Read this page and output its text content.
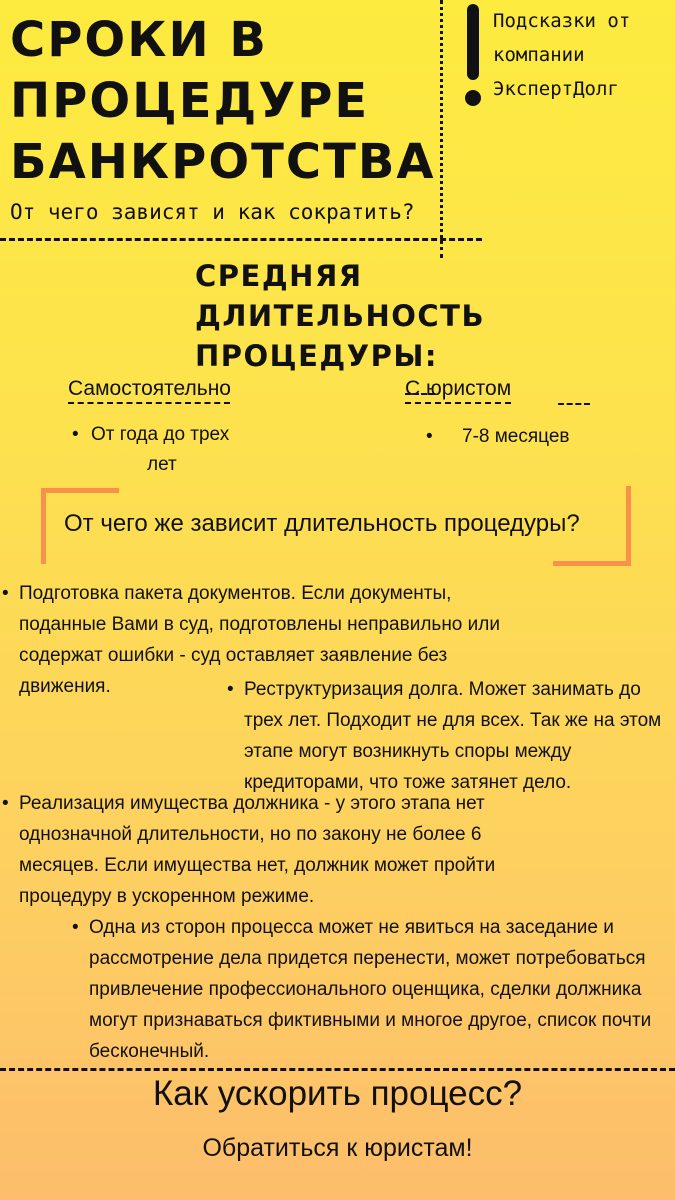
СРОКИ В
ПРОЦЕДУРЕ
БАНКРОТСТВА
От чего зависят и как сократить?
Подсказки от
компании
ЭкспертДолг
СРЕДНЯЯ
ДЛИТЕЛЬНОСТЬ
ПРОЦЕДУРЫ:
Самостоятельно	С юристом
• От года до трех
лет
• 7-8 месяцев
От чего же зависит длительность процедуры?
• Подготовка пакета документов. Если документы,
поданные Вами в суд, подготовлены неправильно или
содержат ошибки - суд оставляет заявление без
движения.	• Реструктуризация долга. Может занимать до
трех лет. Подходит не для всех. Так же на этом
этапе могут возникнуть споры между
кредиторами, что тоже затянет дело.
• Реализация имущества должника - у этого этапа нет
однозначной длительности, но по закону не более 6
месяцев. Если имущества нет, должник может пройти
процедуру в ускоренном режиме.
• Одна из сторон процесса может не явиться на заседание и
рассмотрение дела придется перенести, может потребоваться
привлечение профессионального оценщика, сделки должника
могут признаваться фиктивными и многое другое, список почти
бесконечный.
Как ускорить процесс?
Обратиться к юристам!
